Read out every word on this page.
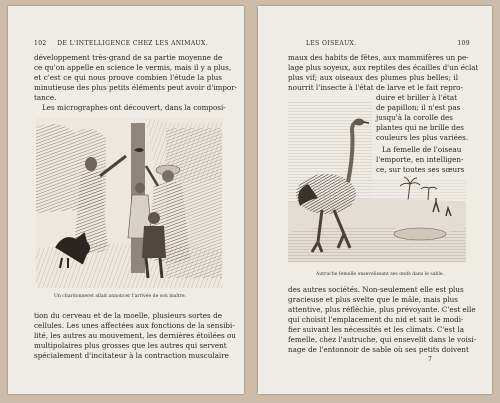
102 DE L'INTELLIGENCE CHEZ LES ANIMAUX.
développement très-grand de sa partie moyenne de
ce qu'on appelle en science le vermis, mais il y a plus,
et c'est ce qui nous prouve combien l'étude la plus
minutieuse des plus petits éléments peut avoir d'impor-
tance.
Les micrographes ont découvert, dans la composi-
Un chardonneret allait annoncer l'arrivée de son maître.
tion du cerveau et de la moelle, plusieurs sortes de
cellules. Les unes affectées aux fonctions de la sensibi-
lité, les autres au mouvement, les dernières étoilées ou
multipolaires plus grosses que les autres qui servent
spécialement d'incitateur à la contraction musculaire
LES OISEAUX.	109
maux des habits de fêtes, aux mammifères un pe-
lage plus soyeux, aux reptiles des écailles d'un éclat
plus vif; aux oiseaux des plumes plus belles; il
nourrit l'insecte à l'état de larve et le fait repro-
duire et briller à l'état
de papillon; il n'est pas
jusqu'à la corolle des
plantes qui ne brille des
couleurs les plus variées.
La femelle de l'oiseau
l'emporte, en intelligen-
ce, sur toutes ses sœurs
Autruche femelle ensevelissant ses œufs dans le sable.
des autres sociétés. Non-seulement elle est plus
gracieuse et plus svelte que le mâle, mais plus
attentive, plus réfléchie, plus prévoyante. C'est elle
qui choisit l'emplacement du nid et sait le modi-
fier suivant les nécessités et les climats. C'est la
femelle, chez l'autruche, qui ensevelit dans le voisi-
nage de l'entonnoir de sable où ses petits doivent
7
